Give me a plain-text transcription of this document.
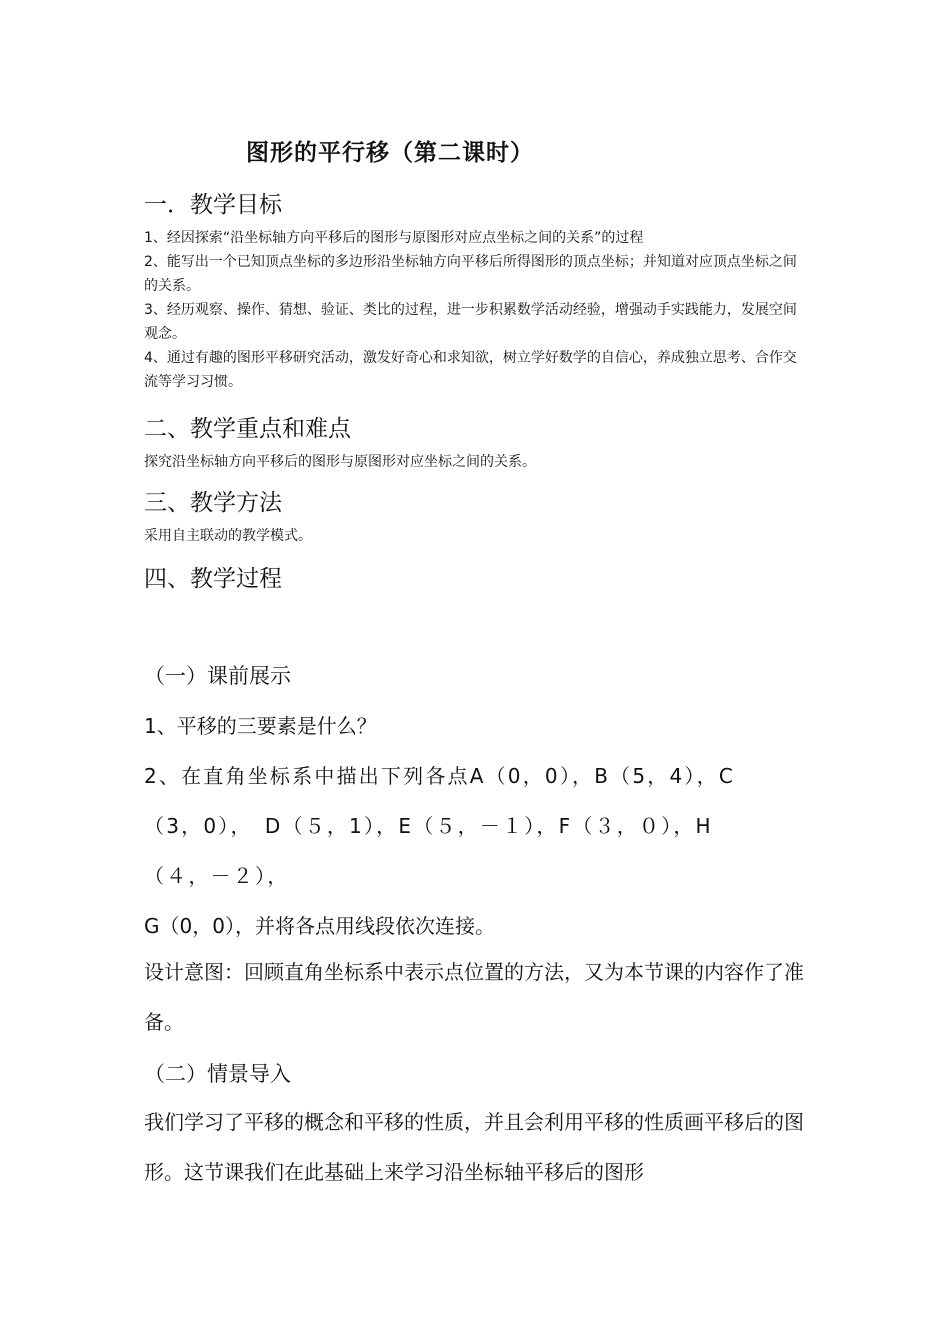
图形的平行移（第二课时）
一．教学目标

1、经因探索“沿坐标轴方向平移后的图形与原图形对应点坐标之间的关系”的过程

2、能写出一个已知顶点坐标的多边形沿坐标轴方向平移后所得图形的顶点坐标；并知道对应顶点坐标之间的关系。

3、经历观察、操作、猜想、验证、类比的过程，进一步积累数学活动经验，增强动手实践能力，发展空间观念。

4、通过有趣的图形平移研究活动，激发好奇心和求知欲，树立学好数学的自信心，养成独立思考、合作交流等学习习惯。

二、教学重点和难点
探究沿坐标轴方向平移后的图形与原图形对应坐标之间的关系。
三、教学方法
采用自主联动的教学模式。
四、教学过程
（一）课前展示
1、平移的三要素是什么？
2、在直角坐标系中描出下列各点A（0，0），B（5，4），C
（3，0），　D（５，1），E（５，－１），F（３，０），H
（４，－２），
G（0，0），并将各点用线段依次连接。
设计意图：回顾直角坐标系中表示点位置的方法，又为本节课的内容作了准备。
（二）情景导入
我们学习了平移的概念和平移的性质，并且会利用平移的性质画平移后的图形。这节课我们在此基础上来学习沿坐标轴平移后的图形
